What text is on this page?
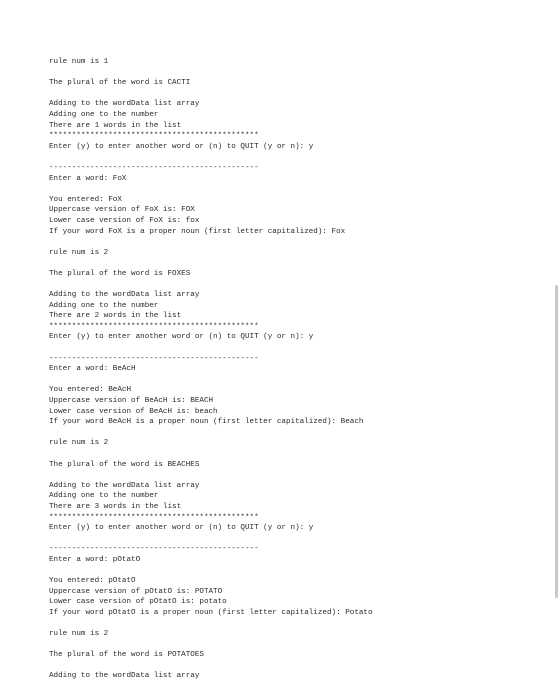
rule num is 1
The plural of the word is CACTI
Adding to the wordData list array
Adding one to the number
There are 1 words in the list
**********************************************
Enter (y) to enter another word or (n) to QUIT (y or n): y
----------------------------------------------
Enter a word: FoX
You entered: FoX
Uppercase version of FoX is: FOX
Lower case version of FoX is: fox
If your word FoX is a proper noun (first letter capitalized): Fox
rule num is 2
The plural of the word is FOXES
Adding to the wordData list array
Adding one to the number
There are 2 words in the list
**********************************************
Enter (y) to enter another word or (n) to QUIT (y or n): y
----------------------------------------------
Enter a word: BeAcH
You entered: BeAcH
Uppercase version of BeAcH is: BEACH
Lower case version of BeAcH is: beach
If your word BeAcH is a proper noun (first letter capitalized): Beach
rule num is 2
The plural of the word is BEACHES
Adding to the wordData list array
Adding one to the number
There are 3 words in the list
**********************************************
Enter (y) to enter another word or (n) to QUIT (y or n): y
----------------------------------------------
Enter a word: pOtatO
You entered: pOtatO
Uppercase version of pOtatO is: POTATO
Lower case version of pOtatO is: potato
If your word pOtatO is a proper noun (first letter capitalized): Potato
rule num is 2
The plural of the word is POTATOES
Adding to the wordData list array
